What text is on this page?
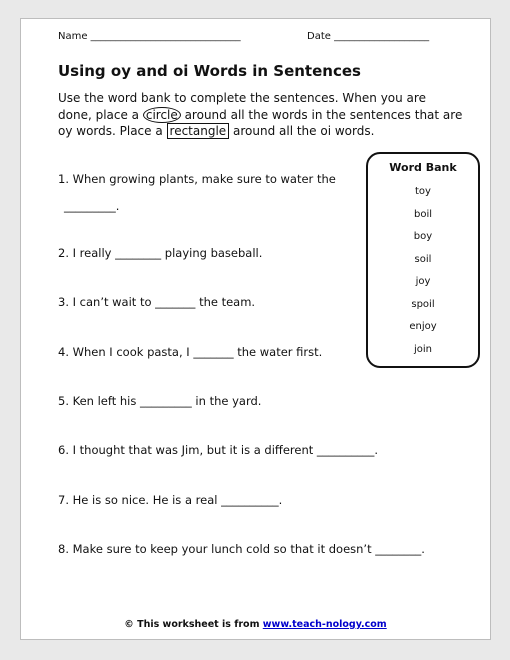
Name ______________________________	Date ___________________
Using oy and oi Words in Sentences
Use the word bank to complete the sentences. When you are
done, place a circle around all the words in the sentences that are
oy words. Place a rectangle around all the oi words.
1. When growing plants, make sure to water the
_________.
2. I really ________ playing baseball.
3. I can’t wait to _______ the team.
4. When I cook pasta, I _______ the water first.
5. Ken left his _________ in the yard.
6. I thought that was Jim, but it is a different __________.
7. He is so nice. He is a real __________.
8. Make sure to keep your lunch cold so that it doesn’t ________.
Word Bank
toy
boil
boy
soil
joy
spoil
enjoy
join
© This worksheet is from www.teach-nology.com
